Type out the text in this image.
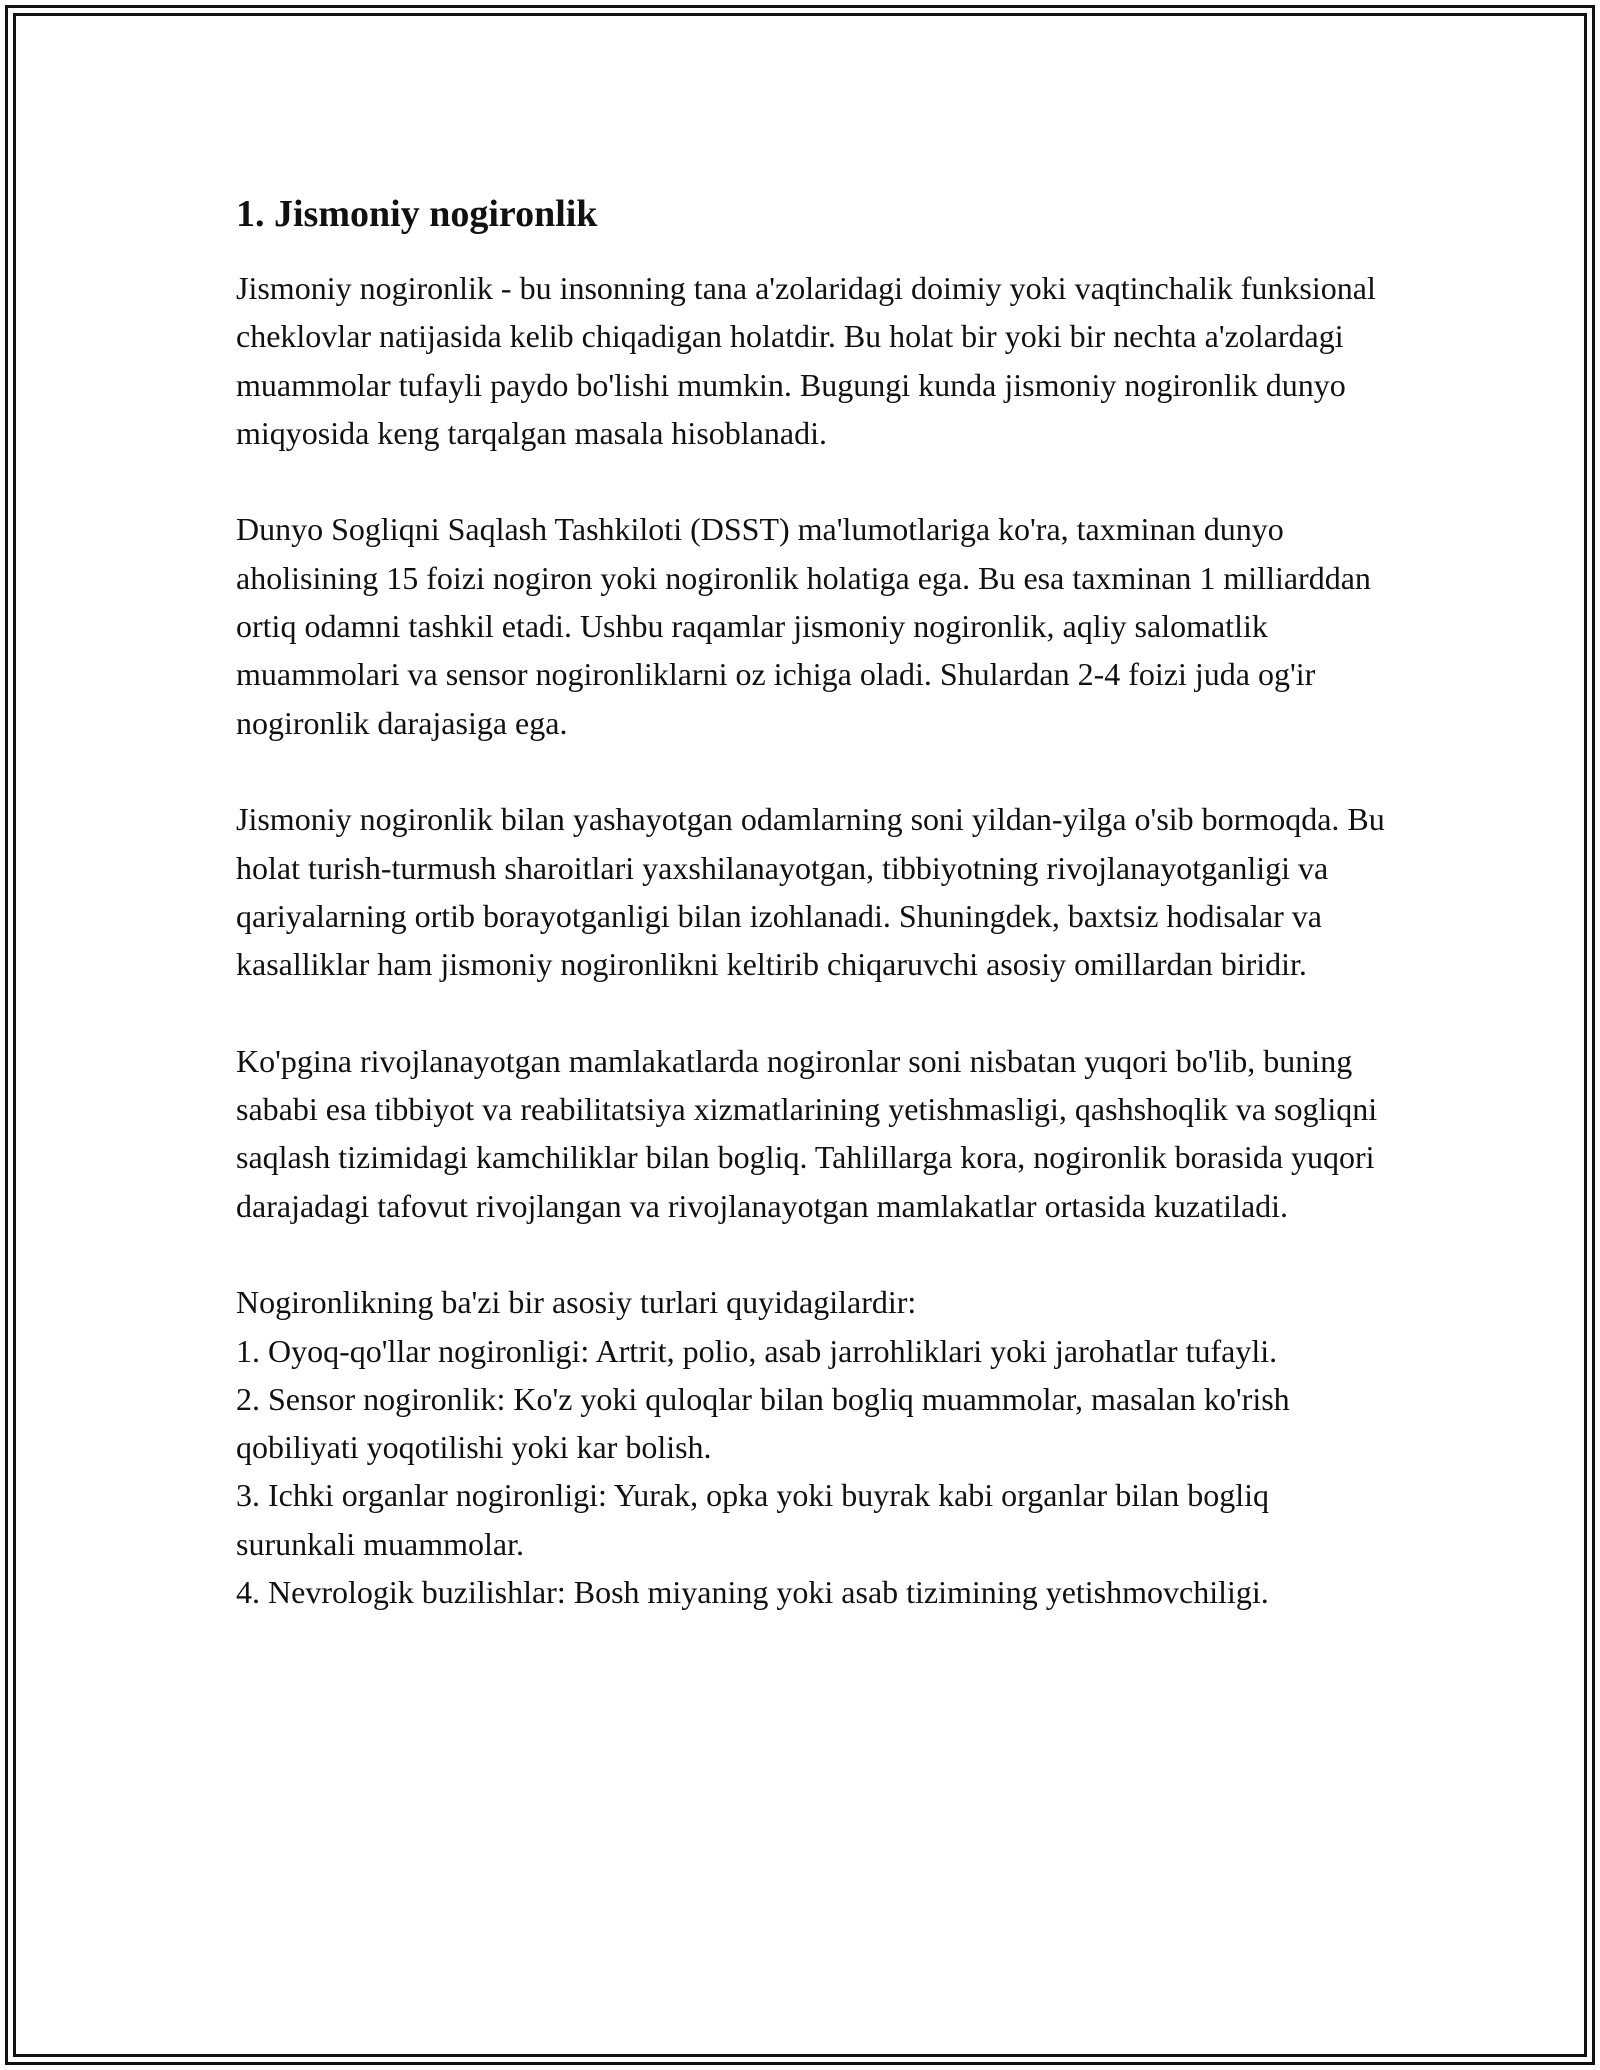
1. Jismoniy nogironlik

Jismoniy nogironlik - bu insonning tana a'zolaridagi doimiy yoki vaqtinchalik funksional cheklovlar natijasida kelib chiqadigan holatdir. Bu holat bir yoki bir nechta a'zolardagi muammolar tufayli paydo bo'lishi mumkin. Bugungi kunda jismoniy nogironlik dunyo miqyosida keng tarqalgan masala hisoblanadi.

Dunyo Sogliqni Saqlash Tashkiloti (DSST) ma'lumotlariga ko'ra, taxminan dunyo aholisining 15 foizi nogiron yoki nogironlik holatiga ega. Bu esa taxminan 1 milliarddan ortiq odamni tashkil etadi. Ushbu raqamlar jismoniy nogironlik, aqliy salomatlik muammolari va sensor nogironliklarni oz ichiga oladi. Shulardan 2-4 foizi juda og'ir nogironlik darajasiga ega.

Jismoniy nogironlik bilan yashayotgan odamlarning soni yildan-yilga o'sib bormoqda. Bu holat turish-turmush sharoitlari yaxshilanayotgan, tibbiyotning rivojlanayotganligi va qariyalarning ortib borayotganligi bilan izohlanadi. Shuningdek, baxtsiz hodisalar va kasalliklar ham jismoniy nogironlikni keltirib chiqaruvchi asosiy omillardan biridir.

Ko'pgina rivojlanayotgan mamlakatlarda nogironlar soni nisbatan yuqori bo'lib, buning sababi esa tibbiyot va reabilitatsiya xizmatlarining yetishmasligi, qashshoqlik va sogliqni saqlash tizimidagi kamchiliklar bilan bogliq. Tahlillarga kora, nogironlik borasida yuqori darajadagi tafovut rivojlangan va rivojlanayotgan mamlakatlar ortasida kuzatiladi.

Nogironlikning ba'zi bir asosiy turlari quyidagilardir:

1. Oyoq-qo'llar nogironligi: Artrit, polio, asab jarrohliklari yoki jarohatlar tufayli.
2. Sensor nogironlik: Ko'z yoki quloqlar bilan bogliq muammolar, masalan ko'rish qobiliyati yoqotilishi yoki kar bolish.
3. Ichki organlar nogironligi: Yurak, opka yoki buyrak kabi organlar bilan bogliq surunkali muammolar.
4. Nevrologik buzilishlar: Bosh miyaning yoki asab tizimining yetishmovchiligi.
